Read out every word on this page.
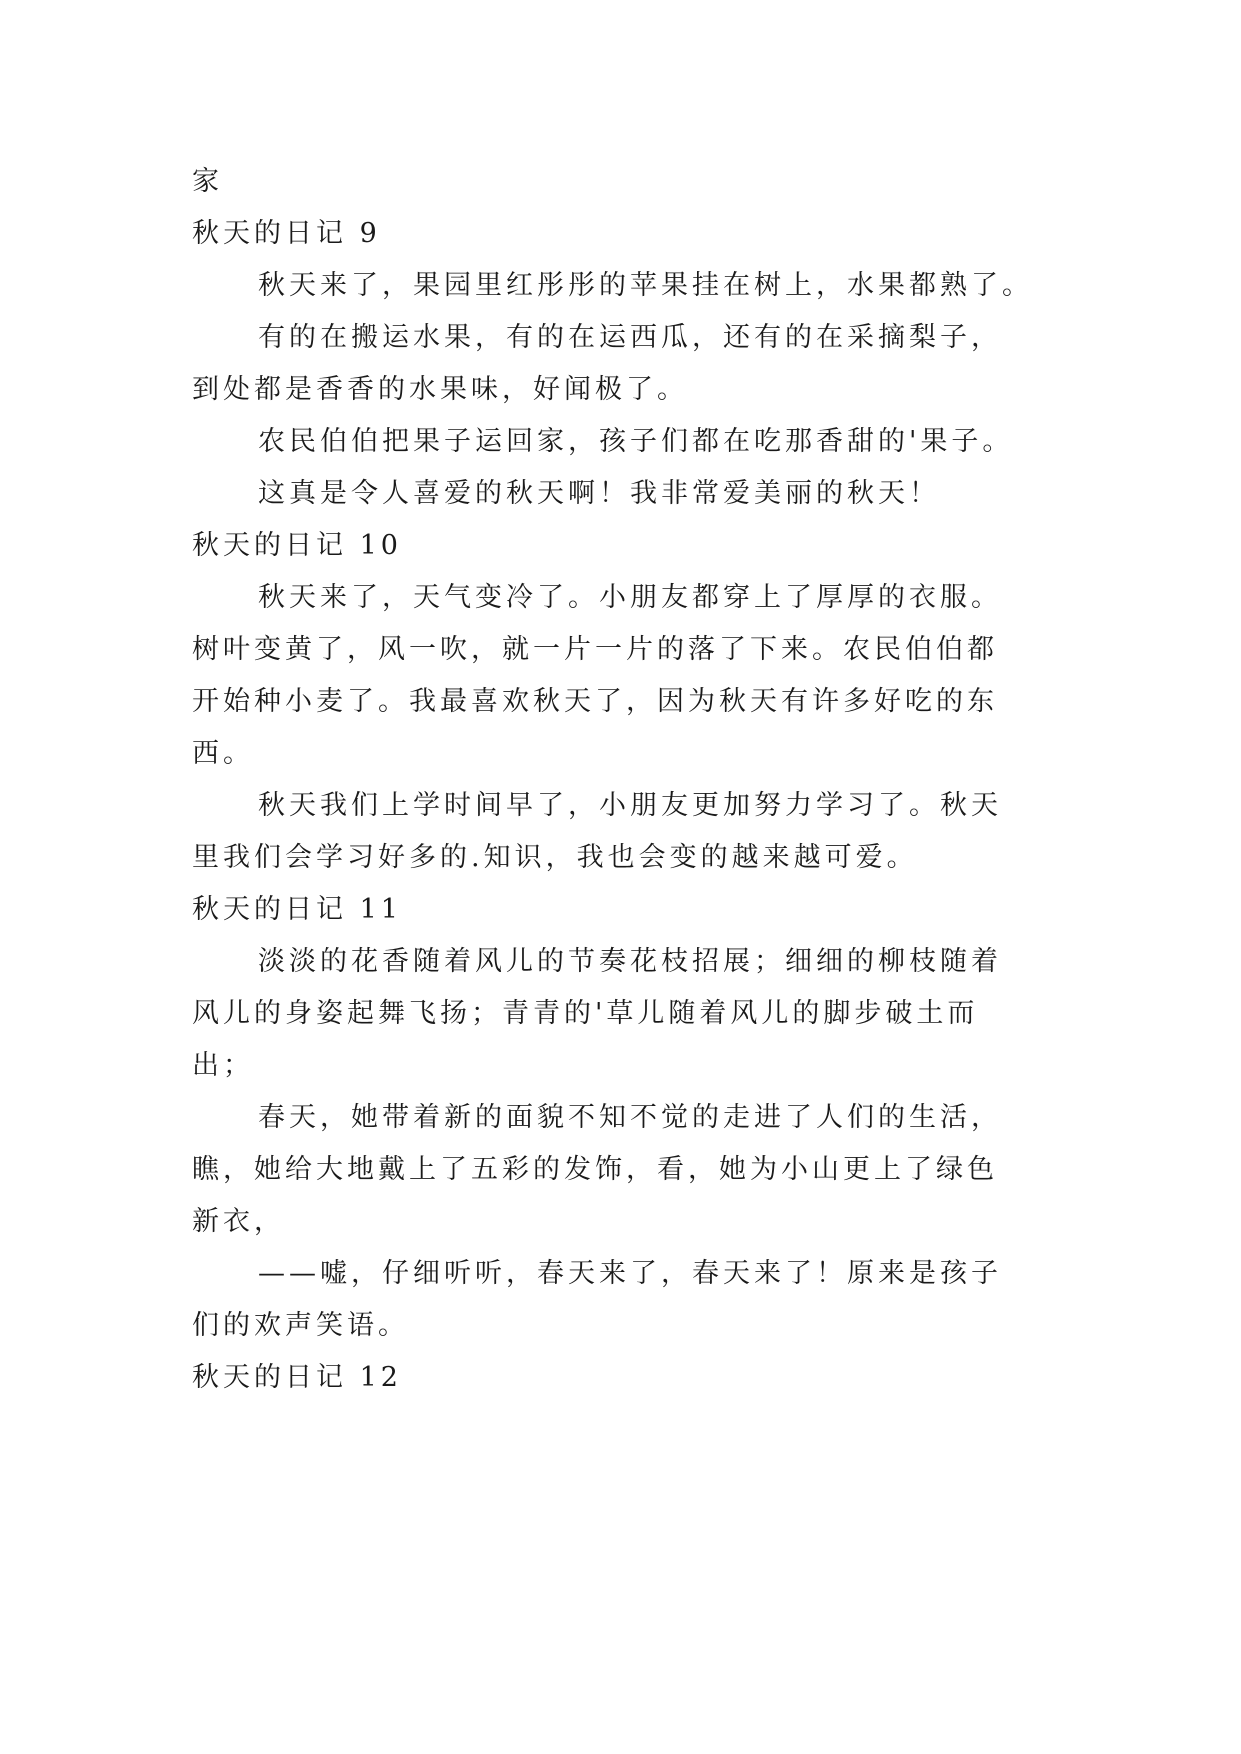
家
秋天的日记 9
秋天来了，果园里红彤彤的苹果挂在树上，水果都熟了。
有的在搬运水果，有的在运西瓜，还有的在采摘梨子，
到处都是香香的水果味，好闻极了。
农民伯伯把果子运回家，孩子们都在吃那香甜的'果子。
这真是令人喜爱的秋天啊！我非常爱美丽的秋天！
秋天的日记 10
秋天来了，天气变冷了。小朋友都穿上了厚厚的衣服。
树叶变黄了，风一吹，就一片一片的落了下来。农民伯伯都
开始种小麦了。我最喜欢秋天了，因为秋天有许多好吃的东
西。
秋天我们上学时间早了，小朋友更加努力学习了。秋天
里我们会学习好多的.知识，我也会变的越来越可爱。
秋天的日记 11
淡淡的花香随着风儿的节奏花枝招展；细细的柳枝随着
风儿的身姿起舞飞扬；青青的'草儿随着风儿的脚步破土而
出；
春天，她带着新的面貌不知不觉的走进了人们的生活，
瞧，她给大地戴上了五彩的发饰，看，她为小山更上了绿色
新衣，
——嘘，仔细听听，春天来了，春天来了！原来是孩子
们的欢声笑语。
秋天的日记 12
